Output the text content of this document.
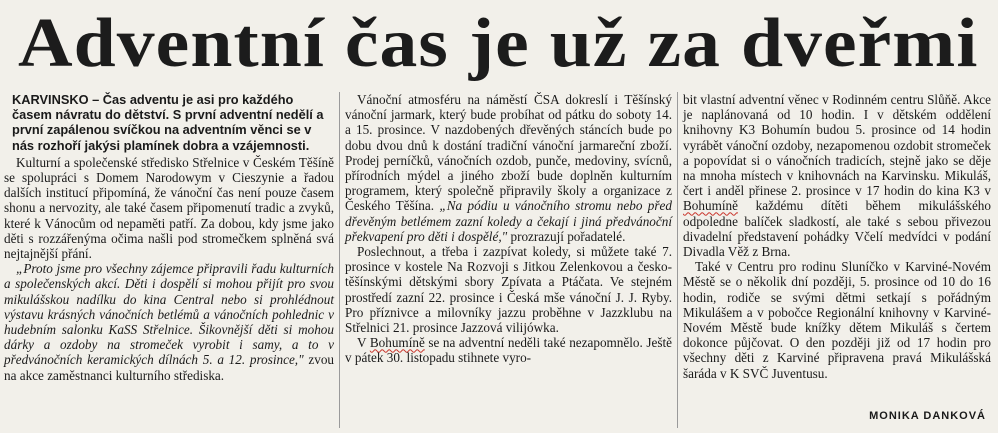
Adventní čas je už za dveřmi
KARVINSKO – Čas adventu je asi pro každého časem návratu do dětství. S první adventní nedělí a první zapálenou svíčkou na adventním věnci se v nás rozhoří jakýsi plamínek dobra a vzájemnosti.

Kulturní a společenské středisko Střelnice v Českém Těšíně se spolupráci s Domem Narodowym v Cieszynie a řadou dalších institucí připomíná, že vánoční čas není pouze časem shonu a nervozity, ale také časem připomenutí tradic a zvyků, které k Vánocům od nepaměti patří. Za dobou, kdy jsme jako děti s rozzářenýma očima našli pod stromečkem splněná svá nejtajnější přání.

„Proto jsme pro všechny zájemce připravili řadu kulturních a společenských akcí. Děti i dospělí si mohou přijít pro svou mikulášskou nadílku do kina Central nebo si prohlédnout výstavu krásných vánočních betlémů a vánočních pohlednic v hudebním salonku KaSS Střelnice. Šikovnější děti si mohou dárky a ozdoby na stromeček vyrobit i samy, a to v předvánočních keramických dílnách 5. a 12. prosince," zvou na akce zaměstnanci kulturního střediska.

Vánoční atmosféru na náměstí ČSA dokreslí i Těšínský vánoční jarmark, který bude probíhat od pátku do soboty 14. a 15. prosince. V nazdobených dřevěných stáncích bude po dobu dvou dnů k dostání tradiční vánoční jarmareční zboží. Prodej perníčků, vánočních ozdob, punče, medoviny, svícnů, přírodních mýdel a jiného zboží bude doplněn kulturním programem, který společně připravily školy a organizace z Českého Těšína. „Na pódiu u vánočního stromu nebo před dřevěným betlémem zazní koledy a čekají i jiná předvánoční překvapení pro děti i dospělé," prozrazují pořadatelé.

Poslechnout, a třeba i zazpívat koledy, si můžete také 7. prosince v kostele Na Rozvoji s Jitkou Zelenkovou a česko-těšínskými dětskými sbory Zpívata a Ptáčata. Ve stejném prostředí zazní 22. prosince i Česká mše vánoční J. J. Ryby. Pro příznivce a milovníky jazzu proběhne v Jazzklubu na Střelnici 21. prosince Jazzová vilijówka.

V Bohumíně se na adventní neděli také nezapomnělo. Ještě v pátek 30. listopadu stihnete vyro-

bit vlastní adventní věnec v Rodinném centru Slůňě. Akce je naplánovaná od 10 hodin. I v dětském oddělení knihovny K3 Bohumín budou 5. prosince od 14 hodin vyrábět vánoční ozdoby, nezapomenou ozdobit stromeček a popovídat si o vánočních tradicích, stejně jako se děje na mnoha místech v knihovnách na Karvinsku. Mikuláš, čert i anděl přinese 2. prosince v 17 hodin do kina K3 v Bohumíně každému dítěti během mikulášského odpoledne balíček sladkostí, ale také s sebou přivezou divadelní představení pohádky Včelí medvídci v podání Divadla Věž z Brna.

Také v Centru pro rodinu Sluníčko v Karviné-Novém Městě se o několik dní později, 5. prosince od 10 do 16 hodin, rodiče se svými dětmi setkají s pořádným Mikulášem a v pobočce Regionální knihovny v Karviné-Novém Městě bude knížky dětem Mikuláš s čertem dokonce půjčovat. O den později již od 17 hodin pro všechny děti z Karviné připravena pravá Mikulášská šaráda v K SVČ Juventusu.

MONIKA DANKOVÁ
